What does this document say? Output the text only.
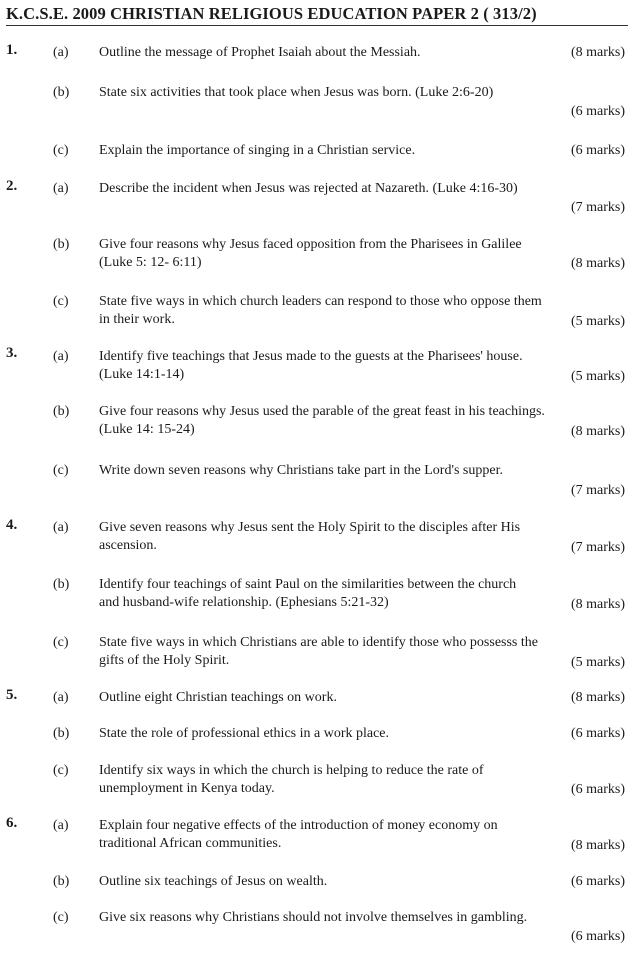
K.C.S.E. 2009 CHRISTIAN RELIGIOUS EDUCATION PAPER 2 ( 313/2)
1.	(a) Outline the message of Prophet Isaiah about the Messiah.	(8 marks)
(b) State six activities that took place when Jesus was born. (Luke 2:6-20)
(6 marks)
(c) Explain the importance of singing in a Christian service.	(6 marks)
2.	(a) Describe the incident when Jesus was rejected at Nazareth. (Luke 4:16-30)
(7 marks)
(b) Give four reasons why Jesus faced opposition from the Pharisees in Galilee
(Luke 5: 12- 6:11)	(8 marks)
(c) State five ways in which church leaders can respond to those who oppose them
in their work.	(5 marks)
3.	(a) Identify five teachings that Jesus made to the guests at the Pharisees' house.
(Luke 14:1-14)	(5 marks)
(b) Give four reasons why Jesus used the parable of the great feast in his teachings.
(Luke 14: 15-24)	(8 marks)
(c) Write down seven reasons why Christians take part in the Lord's supper.
(7 marks)
4.	(a) Give seven reasons why Jesus sent the Holy Spirit to the disciples after His
ascension.	(7 marks)
(b) Identify four teachings of saint Paul on the similarities between the church
and husband-wife relationship. (Ephesians 5:21-32)	(8 marks)
(c) State five ways in which Christians are able to identify those who possesss the
gifts of the Holy Spirit.	(5 marks)
5.	(a) Outline eight Christian teachings on work.	(8 marks)
(b) State the role of professional ethics in a work place.	(6 marks)
(c) Identify six ways in which the church is helping to reduce the rate of
unemployment in Kenya today.	(6 marks)
6.	(a) Explain four negative effects of the introduction of money economy on
traditional African communities.	(8 marks)
(b) Outline six teachings of Jesus on wealth.	(6 marks)
(c) Give six reasons why Christians should not involve themselves in gambling.
(6 marks)
